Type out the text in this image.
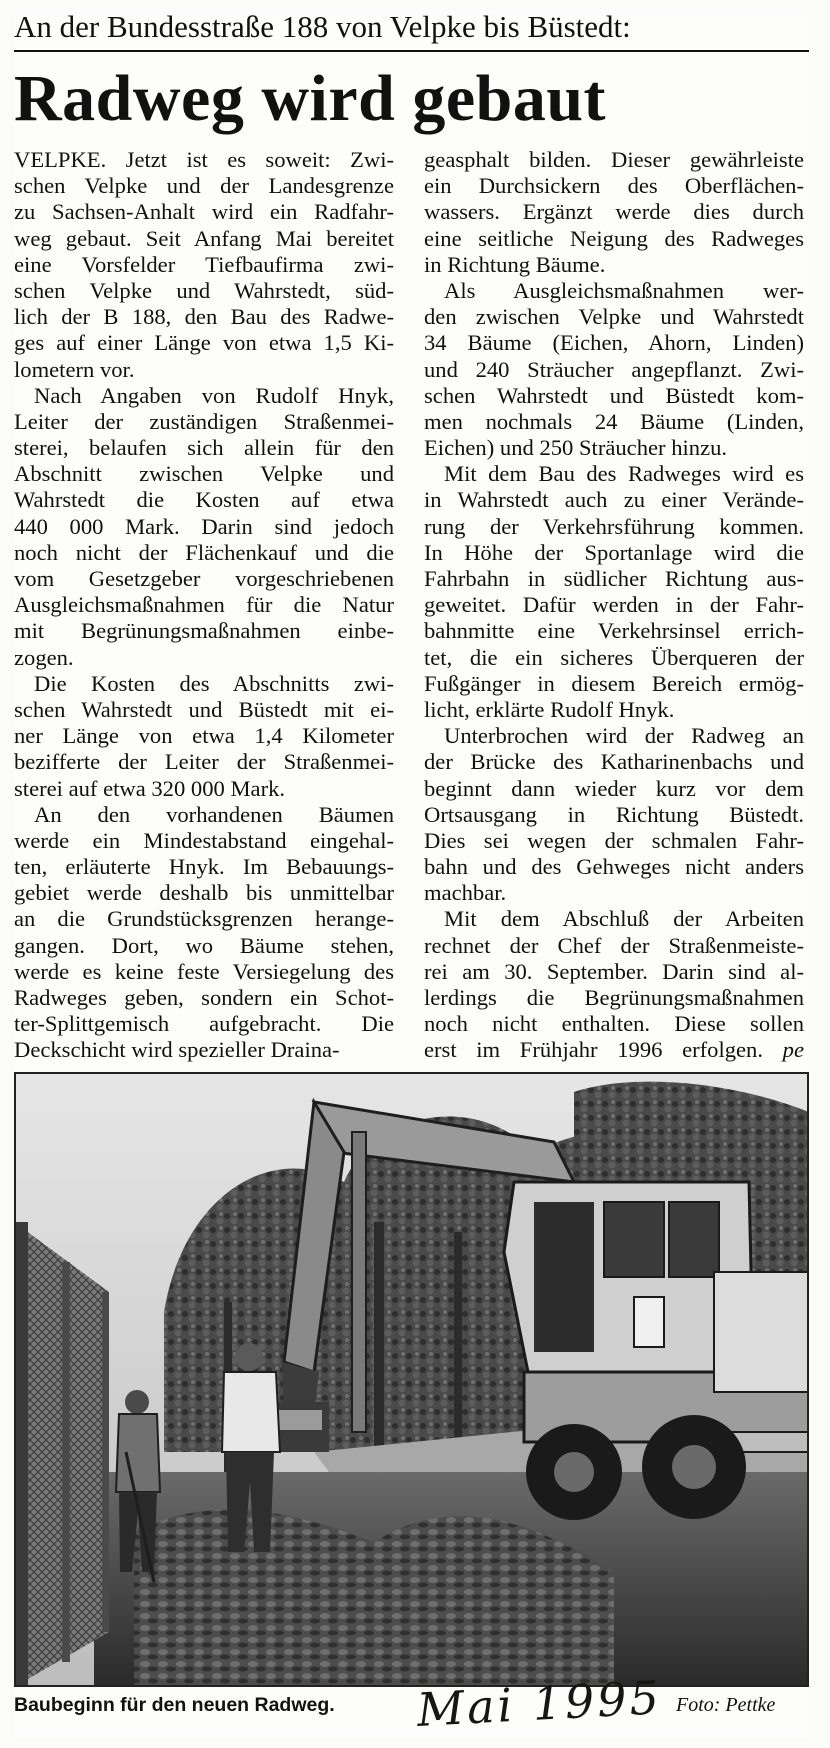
An der Bundesstraße 188 von Velpke bis Büstedt:
Radweg wird gebaut
VELPKE. Jetzt ist es soweit: Zwi-
schen Velpke und der Landesgrenze
zu Sachsen-Anhalt wird ein Radfahr-
weg gebaut. Seit Anfang Mai bereitet
eine Vorsfelder Tiefbaufirma zwi-
schen Velpke und Wahrstedt, süd-
lich der B 188, den Bau des Radwe-
ges auf einer Länge von etwa 1,5 Ki-
lometern vor.
Nach Angaben von Rudolf Hnyk,
Leiter der zuständigen Straßenmei-
sterei, belaufen sich allein für den
Abschnitt zwischen Velpke und
Wahrstedt die Kosten auf etwa
440 000 Mark. Darin sind jedoch
noch nicht der Flächenkauf und die
vom Gesetzgeber vorgeschriebenen
Ausgleichsmaßnahmen für die Natur
mit Begrünungsmaßnahmen einbe-
zogen.
Die Kosten des Abschnitts zwi-
schen Wahrstedt und Büstedt mit ei-
ner Länge von etwa 1,4 Kilometer
bezifferte der Leiter der Straßenmei-
sterei auf etwa 320 000 Mark.
An den vorhandenen Bäumen
werde ein Mindestabstand eingehal-
ten, erläuterte Hnyk. Im Bebauungs-
gebiet werde deshalb bis unmittelbar
an die Grundstücksgrenzen herange-
gangen. Dort, wo Bäume stehen,
werde es keine feste Versiegelung des
Radweges geben, sondern ein Schot-
ter-Splittgemisch aufgebracht. Die
Deckschicht wird spezieller Draina-
geasphalt bilden. Dieser gewährleiste
ein Durchsickern des Oberflächen-
wassers. Ergänzt werde dies durch
eine seitliche Neigung des Radweges
in Richtung Bäume.
Als Ausgleichsmaßnahmen wer-
den zwischen Velpke und Wahrstedt
34 Bäume (Eichen, Ahorn, Linden)
und 240 Sträucher angepflanzt. Zwi-
schen Wahrstedt und Büstedt kom-
men nochmals 24 Bäume (Linden,
Eichen) und 250 Sträucher hinzu.
Mit dem Bau des Radweges wird es
in Wahrstedt auch zu einer Verände-
rung der Verkehrsführung kommen.
In Höhe der Sportanlage wird die
Fahrbahn in südlicher Richtung aus-
geweitet. Dafür werden in der Fahr-
bahnmitte eine Verkehrsinsel errich-
tet, die ein sicheres Überqueren der
Fußgänger in diesem Bereich ermög-
licht, erklärte Rudolf Hnyk.
Unterbrochen wird der Radweg an
der Brücke des Katharinenbachs und
beginnt dann wieder kurz vor dem
Ortsausgang in Richtung Büstedt.
Dies sei wegen der schmalen Fahr-
bahn und des Gehweges nicht anders
machbar.
Mit dem Abschluß der Arbeiten
rechnet der Chef der Straßenmeiste-
rei am 30. September. Darin sind al-
lerdings die Begrünungsmaßnahmen
noch nicht enthalten. Diese sollen
erst im Frühjahr 1996 erfolgen. pe
Baubeginn für den neuen Radweg. Mai 1995 Foto: Pettke
